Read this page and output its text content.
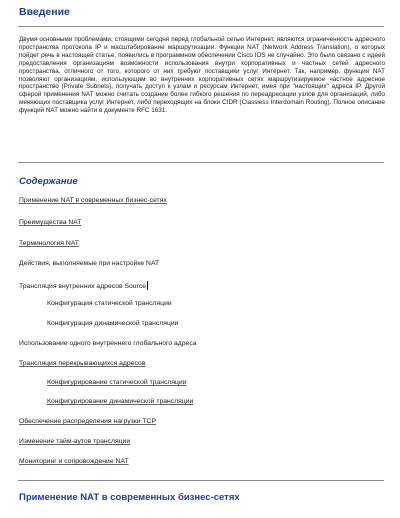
Введение

Двумя основными проблемами, стоящими сегодня перед глобальной сетью Интернет, являются ограниченность адресного пространства протокола IP и масштабирование маршрутизации. Функции NAT (Network Address Translation), о которых пойдет речь в настоящей статье, появились в программном обеспечении Cisco IOS не случайно. Это было связано с идеей предоставления организациям возможности использования внутри корпоративных и частных сетей адресного пространства, отличного от того, которого от них требуют поставщики услуг Интернет. Так, например, функции NAT позволяют организациям, использующим во внутренних корпоративных сетях маршрутизируемое частное адресное пространство (Private Subnets), получать доступ к узлам и ресурсам Интернет, имея при "настоящих" адреса IP. Другой сферой применения NAT можно считать создание более гибкого решения по переадресации узлов для организаций, либо меняющих поставщика услуг Интернет, либо переходящих на блоки CIDR (Classless Interdomain Routing). Полное описание функций NAT можно найти в документе RFC 1631.

Содержание
Применение NAT в современных бизнес-сетях
Преимущества NAT
Терминология NAT
Действия, выполняемые при настройке NAT
Трансляция внутренних адресов Source
Конфигурация статической трансляции
Конфигурация динамической трансляции
Использование одного внутреннего глобального адреса
Трансляция перекрывающихся адресов
Конфигурирование статической трансляции
Конфигурирование динамической трансляции
Обеспечение распределения нагрузки TCP
Изменение тайм-аутов трансляции
Мониторинг и сопровождение NAT
Применение NAT в современных бизнес-сетях
